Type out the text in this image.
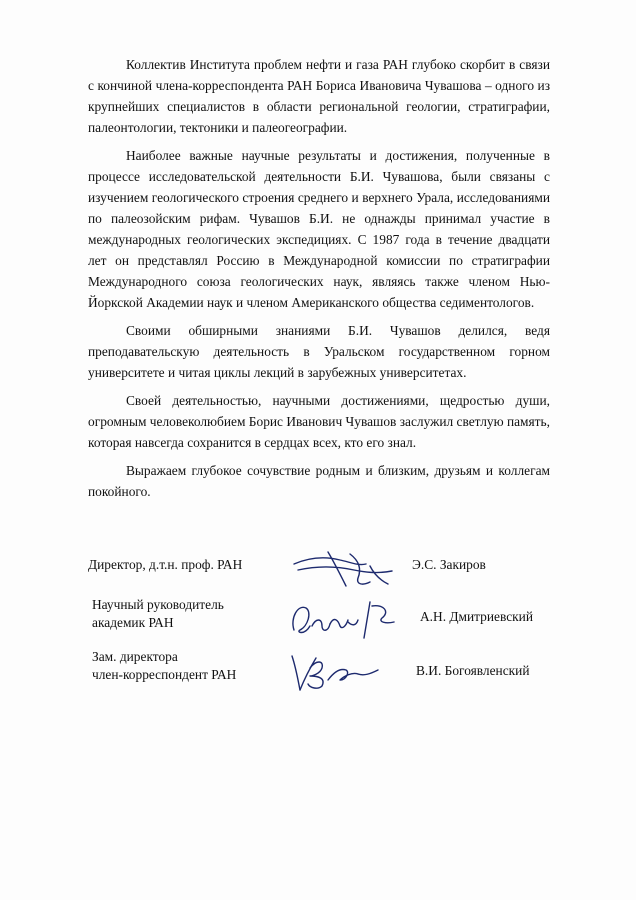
Коллектив Института проблем нефти и газа РАН глубоко скорбит в связи с кончиной члена-корреспондента РАН Бориса Ивановича Чувашова – одного из крупнейших специалистов в области региональной геологии, стратиграфии, палеонтологии, тектоники и палеогеографии.

Наиболее важные научные результаты и достижения, полученные в процессе исследовательской деятельности Б.И. Чувашова, были связаны с изучением геологического строения среднего и верхнего Урала, исследованиями по палеозойским рифам. Чувашов Б.И. не однажды принимал участие в международных геологических экспедициях. С 1987 года в течение двадцати лет он представлял Россию в Международной комиссии по стратиграфии Международного союза геологических наук, являясь также членом Нью-Йоркской Академии наук и членом Американского общества седиментологов.

Своими обширными знаниями Б.И. Чувашов делился, ведя преподавательскую деятельность в Уральском государственном горном университете и читая циклы лекций в зарубежных университетах.

Своей деятельностью, научными достижениями, щедростью души, огромным человеколюбием Борис Иванович Чувашов заслужил светлую память, которая навсегда сохранится в сердцах всех, кто его знал.

Выражаем глубокое сочувствие родным и близким, друзьям и коллегам покойного.

Директор, д.т.н. проф. РАН	Э.С. Закиров
Научный руководитель
академик РАН	А.Н. Дмитриевский
Зам. директора
член-корреспондент РАН	В.И. Богоявленский
